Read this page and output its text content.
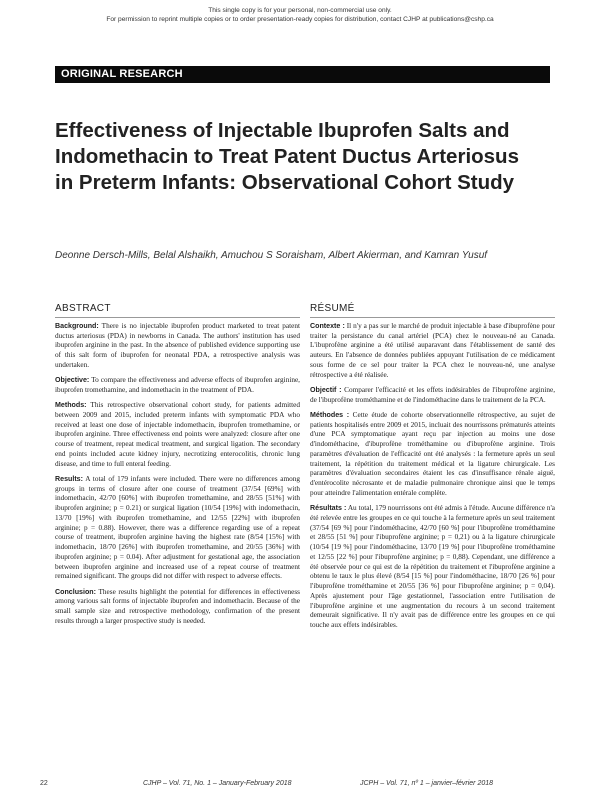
This single copy is for your personal, non-commercial use only.
For permission to reprint multiple copies or to order presentation-ready copies for distribution, contact CJHP at publications@cshp.ca
ORIGINAL RESEARCH
Effectiveness of Injectable Ibuprofen Salts and Indomethacin to Treat Patent Ductus Arteriosus in Preterm Infants: Observational Cohort Study
Deonne Dersch-Mills, Belal Alshaikh, Amuchou S Soraisham, Albert Akierman, and Kamran Yusuf
ABSTRACT

Background: There is no injectable ibuprofen product marketed to treat patent ductus arteriosus (PDA) in newborns in Canada. The authors' institution has used ibuprofen arginine in the past. In the absence of published evidence supporting use of this salt form of ibuprofen for neonatal PDA, a retrospective analysis was undertaken.

Objective: To compare the effectiveness and adverse effects of ibuprofen arginine, ibuprofen tromethamine, and indomethacin in the treatment of PDA.

Methods: This retrospective observational cohort study, for patients admitted between 2009 and 2015, included preterm infants with symptomatic PDA who received at least one dose of injectable indomethacin, ibuprofen tromethamine, or ibuprofen arginine. Three effectiveness end points were analyzed: closure after one course of treatment, repeat medical treatment, and surgical ligation. The secondary end points included acute kidney injury, necrotizing enterocolitis, chronic lung disease, and time to full enteral feeding.

Results: A total of 179 infants were included. There were no differences among groups in terms of closure after one course of treatment (37/54 [69%] with indomethacin, 42/70 [60%] with ibuprofen tromethamine, and 28/55 [51%] with ibuprofen arginine; p = 0.21) or surgical ligation (10/54 [19%] with indomethacin, 13/70 [19%] with ibuprofen tromethamine, and 12/55 [22%] with ibuprofen arginine; p = 0.88). However, there was a difference regarding use of a repeat course of treatment, ibuprofen arginine having the highest rate (8/54 [15%] with indomethacin, 18/70 [26%] with ibuprofen tromethamine, and 20/55 [36%] with ibuprofen arginine; p = 0.04). After adjustment for gestational age, the association between ibuprofen arginine and increased use of a repeat course of treatment remained significant. The groups did not differ with respect to adverse effects.

Conclusion: These results highlight the potential for differences in effectiveness among various salt forms of injectable ibuprofen and indomethacin. Because of the small sample size and retrospective methodology, confirmation of the present results through a larger prospective study is needed.

RÉSUMÉ

Contexte : Il n'y a pas sur le marché de produit injectable à base d'ibuprofène pour traiter la persistance du canal artériel (PCA) chez le nouveau-né au Canada. L'ibuprofène arginine a été utilisé auparavant dans l'établissement de santé des auteurs. En l'absence de données publiées appuyant l'utilisation de ce médicament sous forme de ce sel pour traiter la PCA chez le nouveau-né, une analyse rétrospective a été réalisée.

Objectif : Comparer l'efficacité et les effets indésirables de l'ibuprofène arginine, de l'ibuprofène trométhamine et de l'indométhacine dans le traitement de la PCA.

Méthodes : Cette étude de cohorte observationnelle rétrospective, au sujet de patients hospitalisés entre 2009 et 2015, incluait des nourrissons prématurés atteints d'une PCA symptomatique ayant reçu par injection au moins une dose d'indométhacine, d'ibuprofène trométhamine ou d'ibuprofène arginine. Trois paramètres d'évaluation de l'efficacité ont été analysés : la fermeture après un seul traitement, la répétition du traitement médical et la ligature chirurgicale. Les paramètres d'évaluation secondaires étaient les cas d'insuffisance rénale aiguë, d'entérocolite nécrosante et de maladie pulmonaire chronique ainsi que le temps pour atteindre l'alimentation entérale complète.

Résultats : Au total, 179 nourrissons ont été admis à l'étude. Aucune différence n'a été relevée entre les groupes en ce qui touche à la fermeture après un seul traitement (37/54 [69 %] pour l'indométhacine, 42/70 [60 %] pour l'ibuprofène trométhamine et 28/55 [51 %] pour l'ibuprofène arginine; p = 0,21) ou à la ligature chirurgicale (10/54 [19 %] pour l'indométhacine, 13/70 [19 %] pour l'ibuprofène trométhamine et 12/55 [22 %] pour l'ibuprofène arginine; p = 0,88). Cependant, une différence a été observée pour ce qui est de la répétition du traitement et l'ibuprofène arginine a obtenu le taux le plus élevé (8/54 [15 %] pour l'indométhacine, 18/70 [26 %] pour l'ibuprofène trométhamine et 20/55 [36 %] pour l'ibuprofène arginine; p = 0,04). Après ajustement pour l'âge gestationnel, l'association entre l'utilisation de l'ibuprofène arginine et une augmentation du recours à un second traitement demeurait significative. Il n'y avait pas de différence entre les groupes en ce qui touche aux effets indésirables.

22	CJHP – Vol. 71, No. 1 – January-February 2018	JCPH – Vol. 71, nº 1 – janvier–février 2018
